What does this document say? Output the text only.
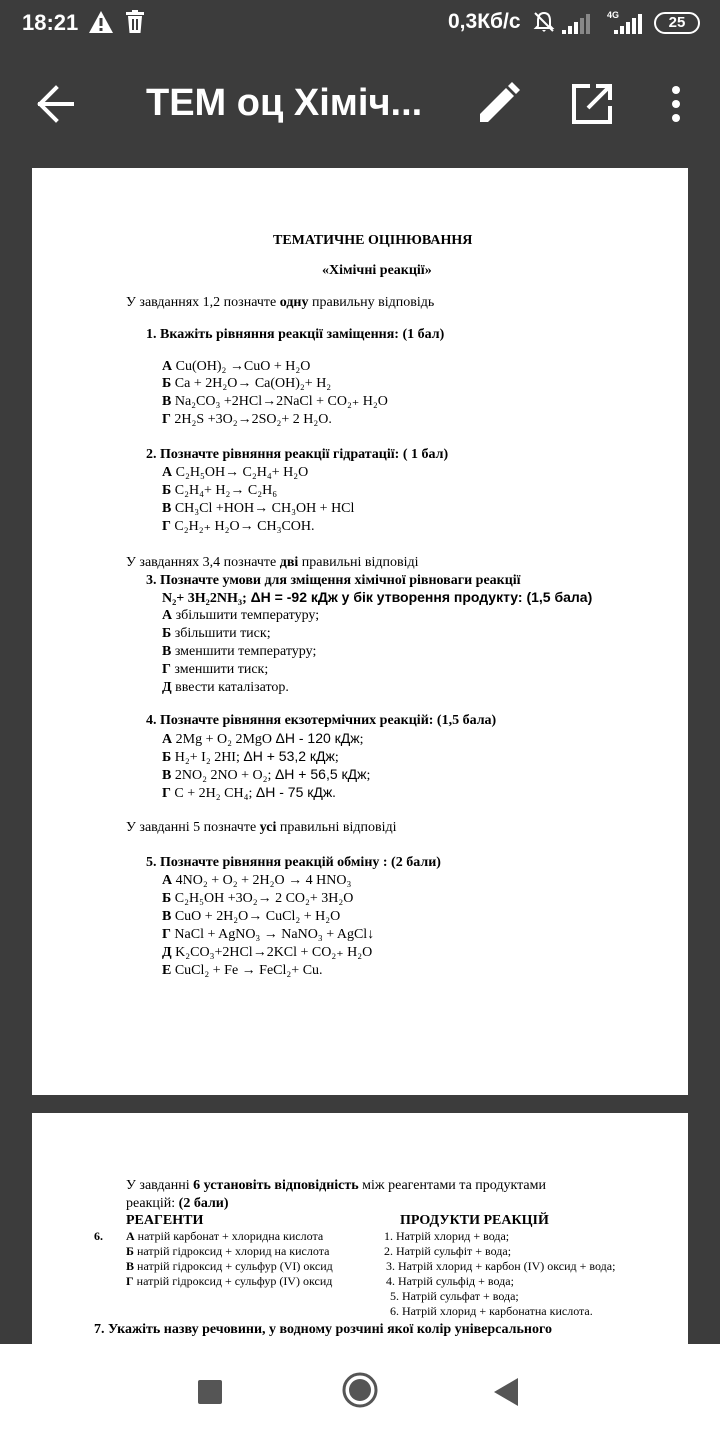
18:21	0,3Кб/с	4G	25
ТЕМ оц Хіміч...
ТЕМАТИЧНЕ ОЦІНЮВАННЯ
«Хімічні реакції»
У завданнях 1,2 позначте одну правильну відповідь
1. Вкажіть рівняння реакції заміщення: (1 бал)
А Cu(OH)₂ →CuO + H₂O
Б Ca + 2H₂O→ Ca(OH)₂+ H₂
В Na₂CO₃ +2HCl→2NaCl + CO₂₊ H₂O
Г 2H₂S +3O₂→2SO₂+ 2 H₂O.
2. Позначте рівняння реакції гідратації: ( 1 бал)
А C₂H₅OH→ C₂H₄+ H₂O
Б C₂H₄+ H₂→ C₂H₆
В CH₃Cl +HOH→ CH₃OH + HCl
Г C₂H₂₊ H₂O→ CH₃COH.
У завданнях 3,4 позначте дві правильні відповіді
3. Позначте умови для зміщення хімічної рівноваги реакції
N₂+ 3H₂2NH₃; ΔH = -92 кДж у бік утворення продукту: (1,5 бала)
А збільшити температуру;
Б збільшити тиск;
В зменшити температуру;
Г зменшити тиск;
Д ввести каталізатор.
4. Позначте рівняння екзотермічних реакцій: (1,5 бала)
А 2Mg + O₂ 2MgO ΔH - 120 кДж;
Б H₂+ I₂ 2HI; ΔH + 53,2 кДж;
В 2NO₂ 2NO + O₂; ΔH + 56,5 кДж;
Г С + 2H₂ CH₄; ΔH - 75 кДж.
У завданні 5 позначте усі правильні відповіді
5. Позначте рівняння реакцій обміну : (2 бали)
А 4NO₂ + O₂ + 2H₂O → 4 HNO₃
Б C₂H₅OH +3O₂→ 2 CO₂+ 3H₂O
В CuO + 2H₂O→ CuCl₂ + H₂O
Г NaCl + AgNO₃ → NaNO₃ + AgCl↓
Д K₂CO₃+2HCl→2KCl + CO₂₊ H₂O
Е CuCl₂ + Fe → FeCl₂+ Cu.
У завданні 6 установіть відповідність між реагентами та продуктами
реакцій: (2 бали)
РЕАГЕНТИ	ПРОДУКТИ РЕАКЦІЙ
6. А натрій карбонат + хлоридна кислота
Б натрій гідроксид + хлорид на кислота
В натрій гідроксид + сульфур (VI) оксид
Г натрій гідроксид + сульфур (IV) оксид
1. Натрій хлорид + вода;
2. Натрій сульфіт + вода;
3. Натрій хлорид + карбон (IV) оксид + вода;
4. Натрій сульфід + вода;
5. Натрій сульфат + вода;
6. Натрій хлорид + карбонатна кислота.
7. Укажіть назву речовини, у водному розчині якої колір універсального
